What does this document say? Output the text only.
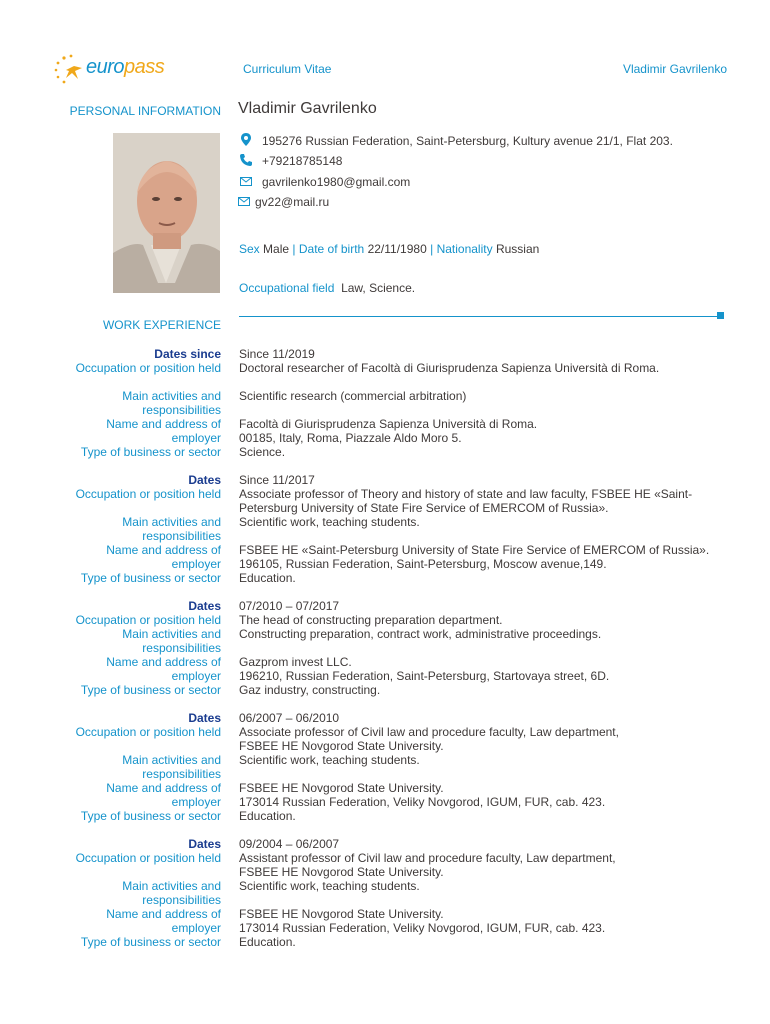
europass	Curriculum Vitae	Vladimir Gavrilenko
PERSONAL INFORMATION Vladimir Gavrilenko
195276 Russian Federation, Saint-Petersburg, Kultury avenue 21/1, Flat 203.
+79218785148
gavrilenko1980@gmail.com
gv22@mail.ru
Sex Male | Date of birth 22/11/1980 | Nationality Russian
Occupational field Law, Science.
WORK EXPERIENCE
Dates since Since 11/2019
Occupation or position held Doctoral researcher of Facoltà di Giurisprudenza Sapienza Università di Roma.
Main activities and
responsibilities
Scientific research (commercial arbitration)
Name and address of
employer
Facoltà di Giurisprudenza Sapienza Università di Roma.
00185, Italy, Roma, Piazzale Aldo Moro 5.
Type of business or sector Science.
Dates Since 11/2017
Occupation or position held Associate professor of Theory and history of state and law faculty, FSBEE HE «Saint-
Petersburg University of State Fire Service of EMERCOM of Russia».
Main activities and
responsibilities
Scientific work, teaching students.
Name and address of
employer
FSBEE HE «Saint-Petersburg University of State Fire Service of EMERCOM of Russia».
196105, Russian Federation, Saint-Petersburg, Moscow avenue,149.
Type of business or sector Education.
Dates 07/2010 – 07/2017
Occupation or position held The head of constructing preparation department.
Main activities and
responsibilities
Constructing preparation, contract work, administrative proceedings.
Name and address of
employer
Gazprom invest LLC.
196210, Russian Federation, Saint-Petersburg, Startovaya street, 6D.
Type of business or sector Gaz industry, constructing.
Dates 06/2007 – 06/2010
Occupation or position held Associate professor of Civil law and procedure faculty, Law department,
FSBEE HE Novgorod State University.
Main activities and
responsibilities
Scientific work, teaching students.
Name and address of
employer
FSBEE HE Novgorod State University.
173014 Russian Federation, Veliky Novgorod, IGUM, FUR, cab. 423.
Type of business or sector Education.
Dates 09/2004 – 06/2007
Occupation or position held Assistant professor of Civil law and procedure faculty, Law department,
FSBEE HE Novgorod State University.
Main activities and
responsibilities
Scientific work, teaching students.
Name and address of
employer
FSBEE HE Novgorod State University.
173014 Russian Federation, Veliky Novgorod, IGUM, FUR, cab. 423.
Type of business or sector Education.
